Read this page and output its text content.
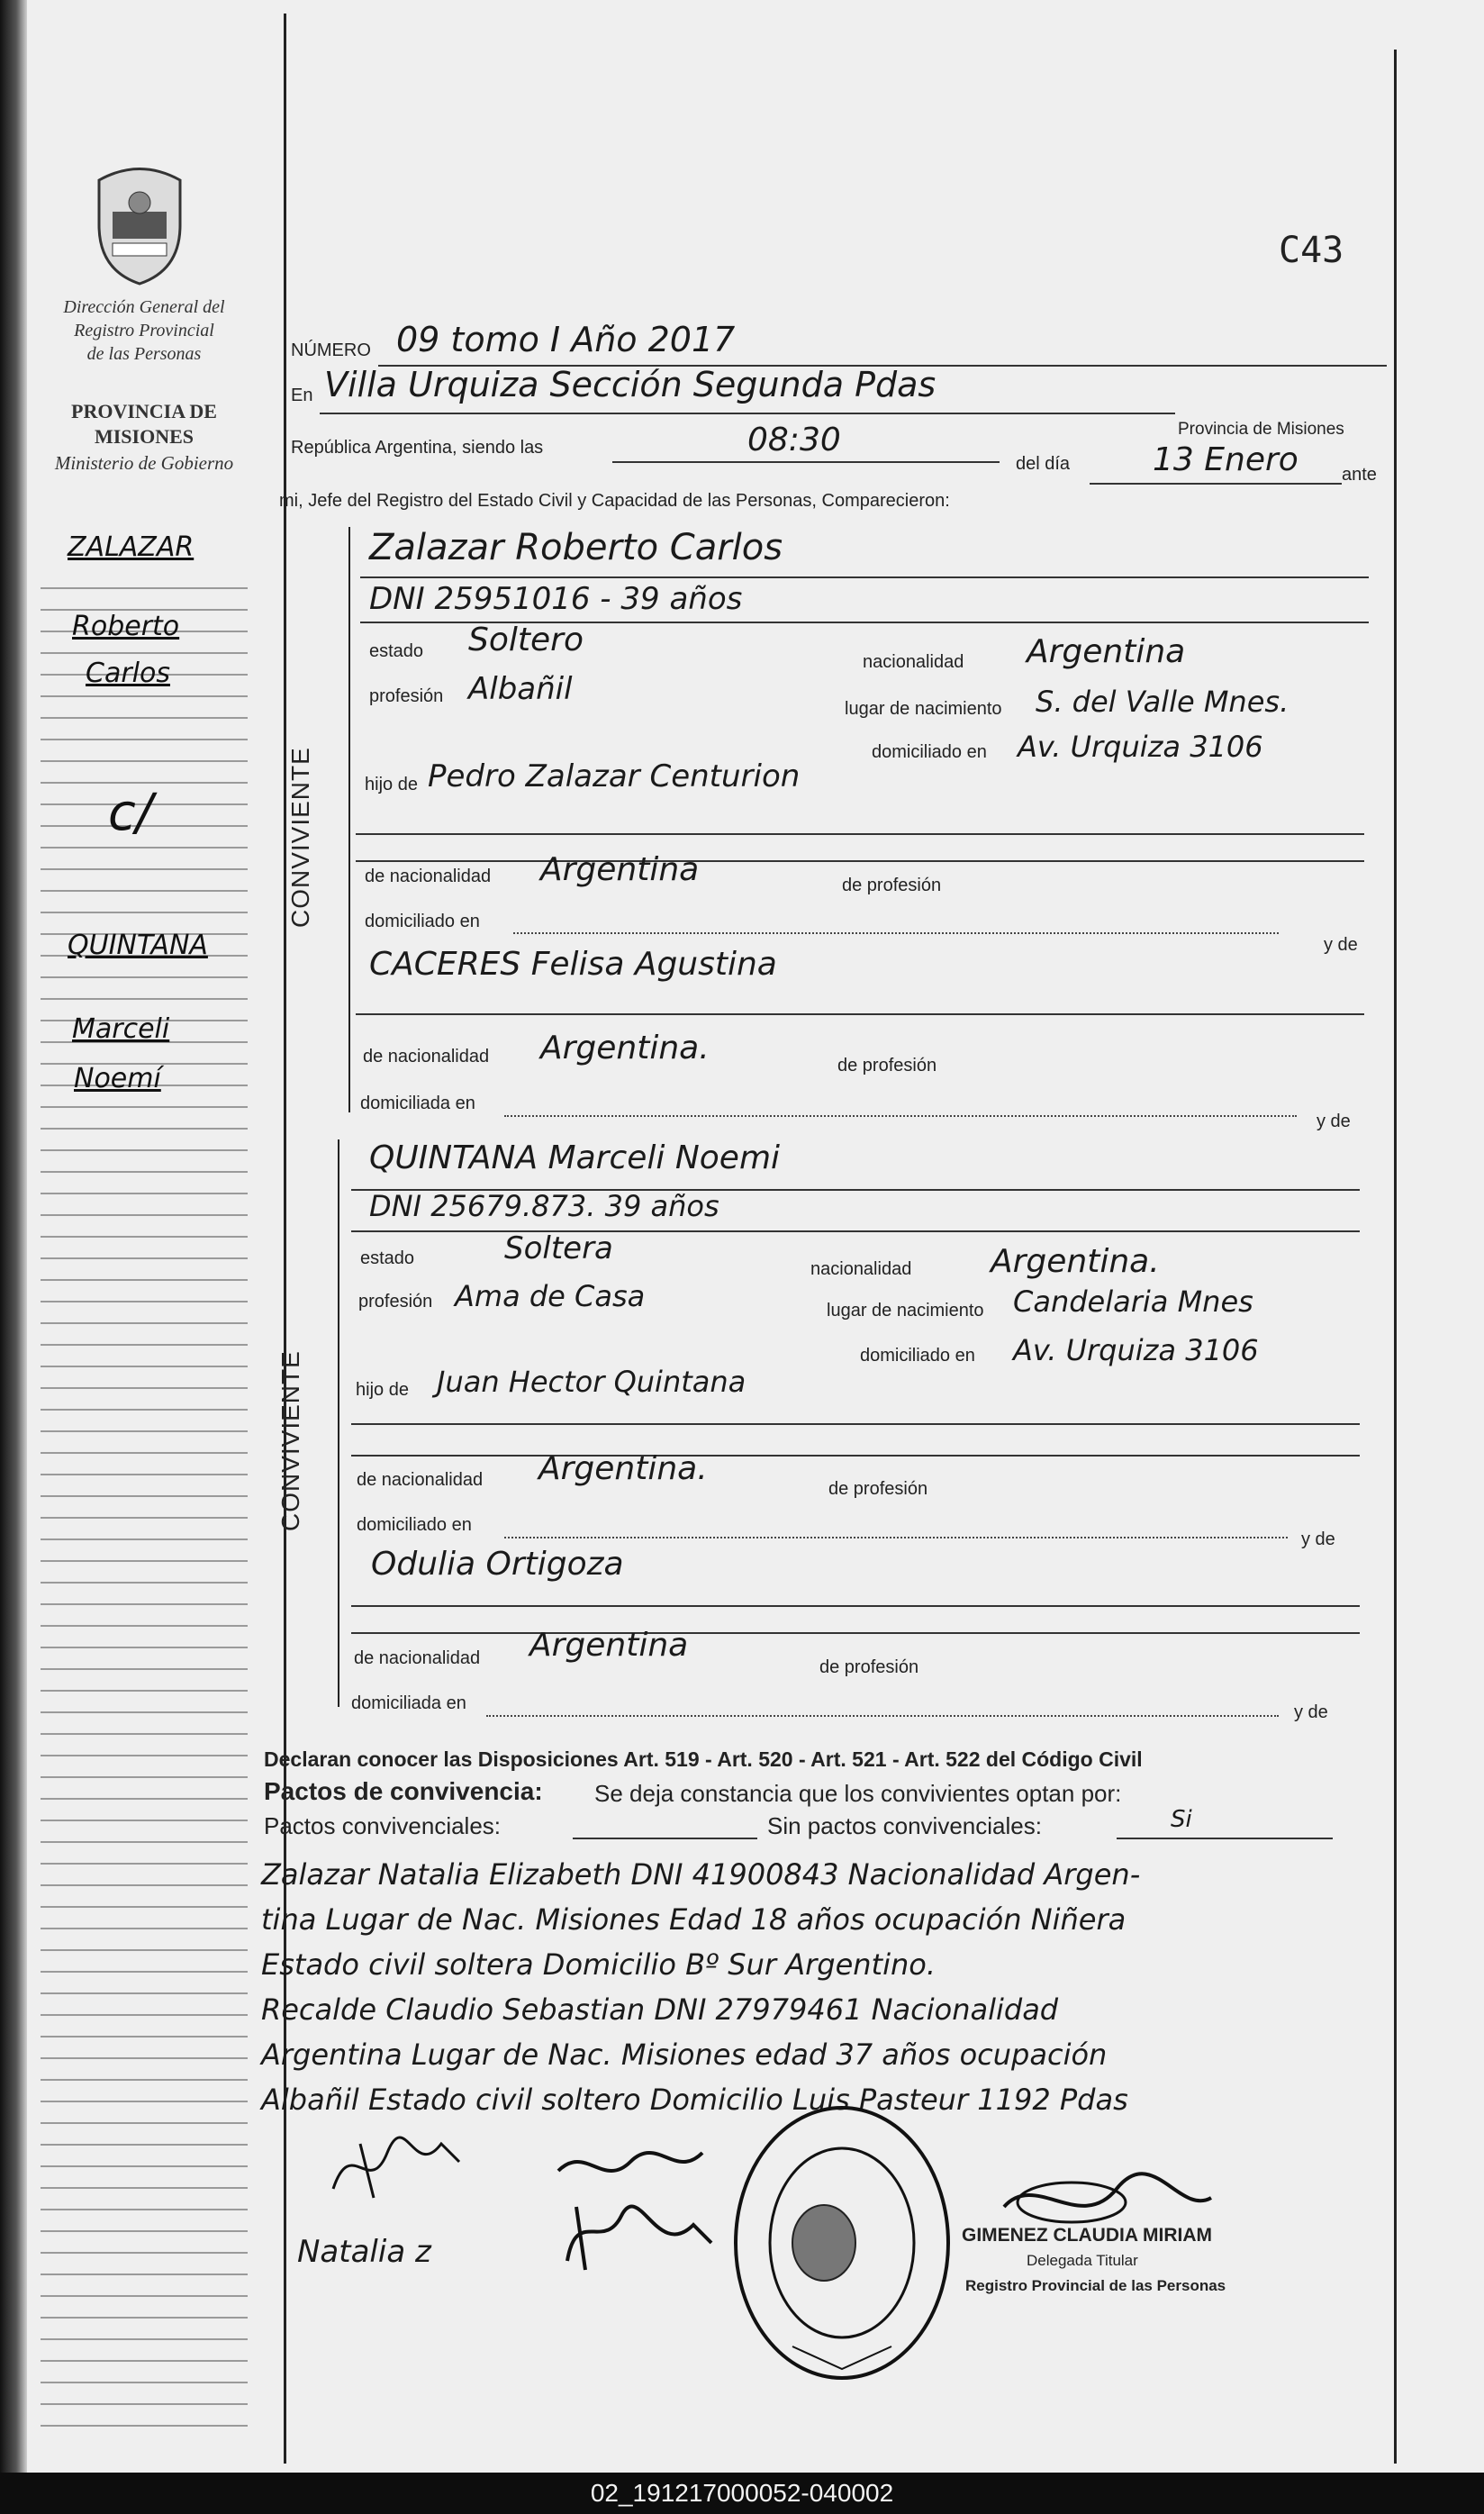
C43
Dirección General del
Registro Provincial
de las Personas
PROVINCIA DE
MISIONES
Ministerio de Gobierno
ZALAZAR
Roberto
Carlos
c/
QUINTANA
Marceli
Noemí
NÚMERO 09 tomo I Año 2017
En Villa Urquiza Sección Segunda Pdas
Provincia de Misiones
República Argentina, siendo las	08:30
del día	13 Enero ante
mi, Jefe del Registro del Estado Civil y Capacidad de las Personas, Comparecieron:
CONVIVIENTE
Zalazar Roberto Carlos
DNI 25951016 - 39 años
estado Soltero
nacionalidad Argentina
profesión Albañil
lugar de nacimiento S. del Valle Mnes.
domiciliado en Av. Urquiza 3106
hijo de Pedro Zalazar Centurion
de nacionalidad Argentina	de profesión
domiciliado en
y de
CACERES Felisa Agustina
de nacionalidad Argentina.	de profesión
domiciliada en
y de
CONVIVIENTE
QUINTANA Marceli Noemi
DNI 25679.873. 39 años
estado	Soltera
nacionalidad Argentina.
profesión Ama de Casa	lugar de nacimiento Candelaria Mnes
domiciliado en Av. Urquiza 3106
hijo de Juan Hector Quintana
de nacionalidad Argentina.
de profesión
domiciliado en
y de
Odulia Ortigoza
de nacionalidad Argentina
de profesión
domiciliada en	y de
Declaran conocer las Disposiciones Art. 519 - Art. 520 - Art. 521 - Art. 522 del Código Civil
Pactos de convivencia: Se deja constancia que los convivientes optan por:
Pactos convivenciales:	Sin pactos convivenciales:	Si
Zalazar Natalia Elizabeth DNI 41900843 Nacionalidad Argen-
tina Lugar de Nac. Misiones Edad 18 años ocupación Niñera
Estado civil soltera Domicilio Bº Sur Argentino.
Recalde Claudio Sebastian DNI 27979461 Nacionalidad
Argentina Lugar de Nac. Misiones edad 37 años ocupación
Albañil Estado civil soltero Domicilio Luis Pasteur 1192 Pdas
Natalia z	GIMENEZ CLAUDIA MIRIAM
Delegada Titular
Registro Provincial de las Personas
02_191217000052-040002
